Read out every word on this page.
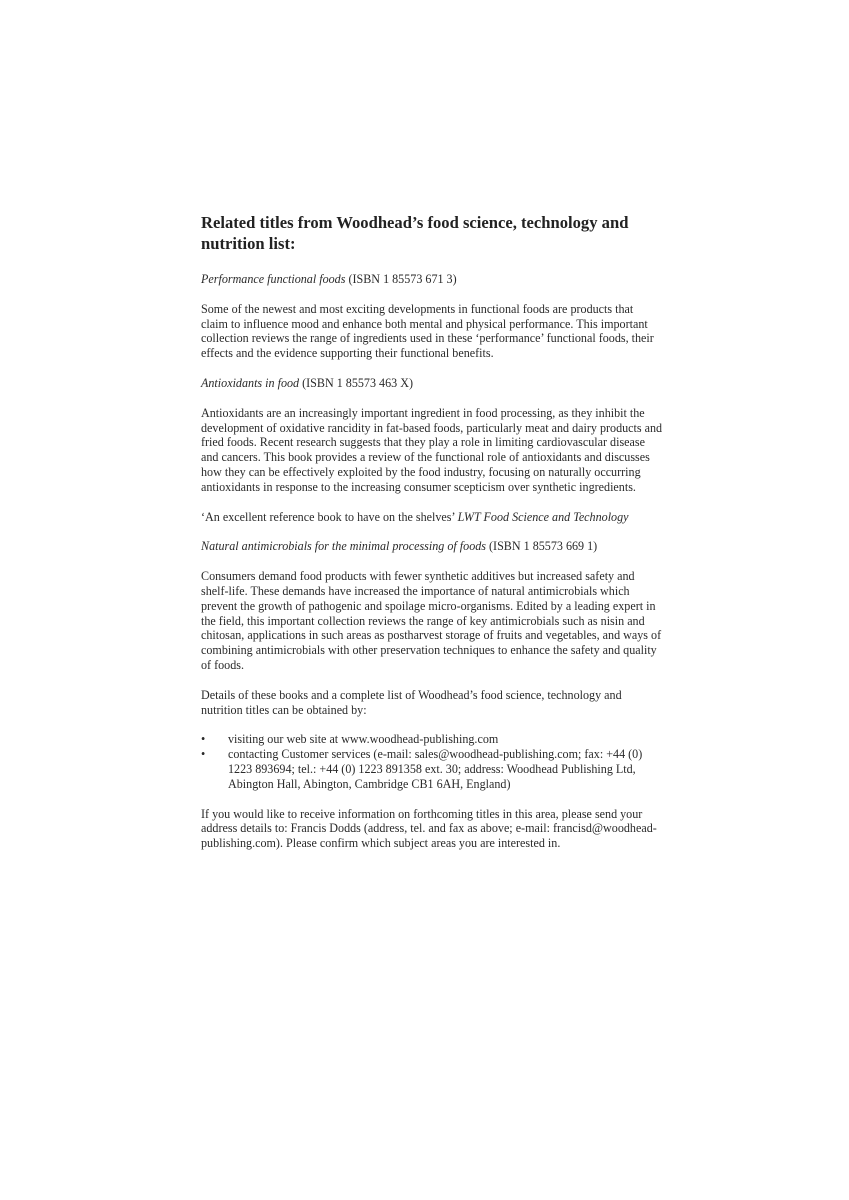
Related titles from Woodhead’s food science, technology and nutrition list:

Performance functional foods (ISBN 1 85573 671 3)

Some of the newest and most exciting developments in functional foods are products that claim to influence mood and enhance both mental and physical performance. This important collection reviews the range of ingredients used in these ‘performance’ functional foods, their effects and the evidence supporting their functional benefits.

Antioxidants in food (ISBN 1 85573 463 X)

Antioxidants are an increasingly important ingredient in food processing, as they inhibit the development of oxidative rancidity in fat-based foods, particularly meat and dairy products and fried foods. Recent research suggests that they play a role in limiting cardiovascular disease and cancers. This book provides a review of the functional role of antioxidants and discusses how they can be effectively exploited by the food industry, focusing on naturally occurring antioxidants in response to the increasing consumer scepticism over synthetic ingredients.

‘An excellent reference book to have on the shelves’ LWT Food Science and Technology

Natural antimicrobials for the minimal processing of foods (ISBN 1 85573 669 1)

Consumers demand food products with fewer synthetic additives but increased safety and shelf-life. These demands have increased the importance of natural antimicrobials which prevent the growth of pathogenic and spoilage micro-organisms. Edited by a leading expert in the field, this important collection reviews the range of key antimicrobials such as nisin and chitosan, applications in such areas as postharvest storage of fruits and vegetables, and ways of combining antimicrobials with other preservation techniques to enhance the safety and quality of foods.

Details of these books and a complete list of Woodhead’s food science, technology and nutrition titles can be obtained by:

• visiting our web site at www.woodhead-publishing.com
• contacting Customer services (e-mail: sales@woodhead-publishing.com; fax: +44 (0) 1223 893694; tel.: +44 (0) 1223 891358 ext. 30; address: Woodhead Publishing Ltd, Abington Hall, Abington, Cambridge CB1 6AH, England)

If you would like to receive information on forthcoming titles in this area, please send your address details to: Francis Dodds (address, tel. and fax as above; e-mail: francisd@woodhead-publishing.com). Please confirm which subject areas you are interested in.
